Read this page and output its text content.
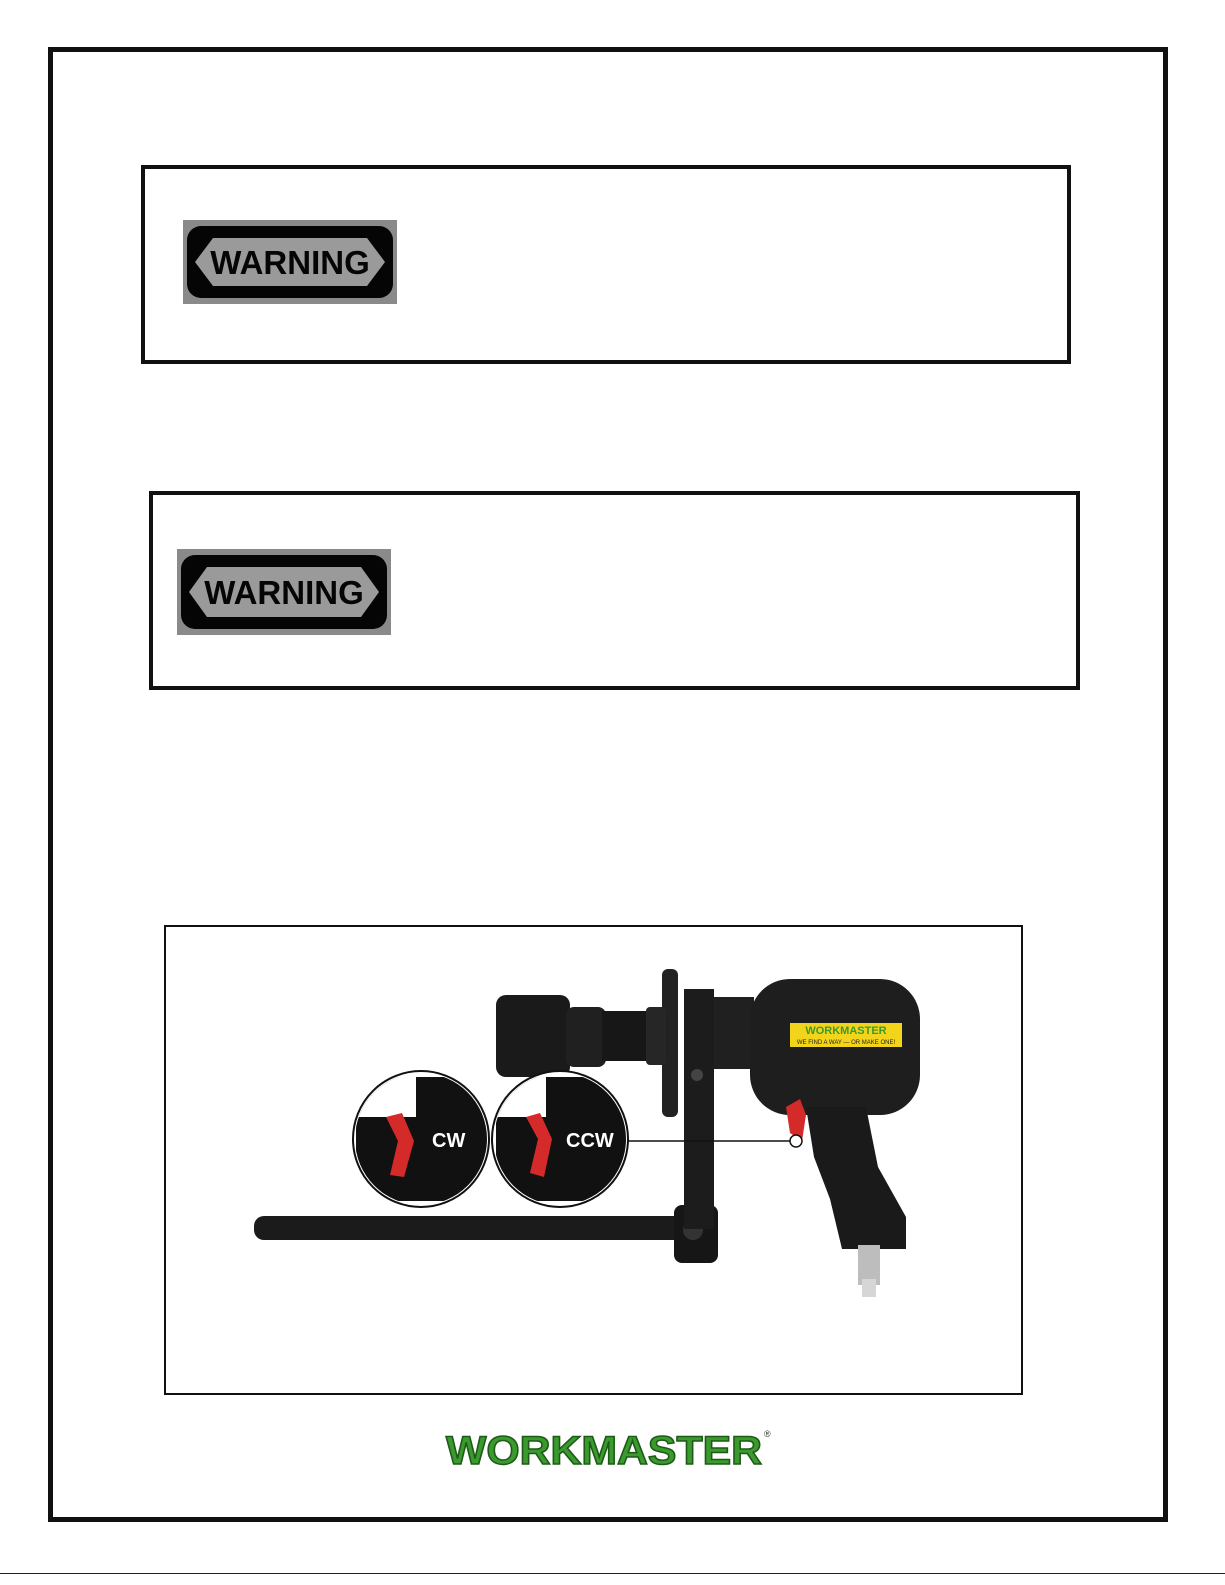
WARNING
WARNING
WORKMASTER
WE FIND A WAY — OR MAKE ONE!
CW	CCW
WORKMASTER ®
